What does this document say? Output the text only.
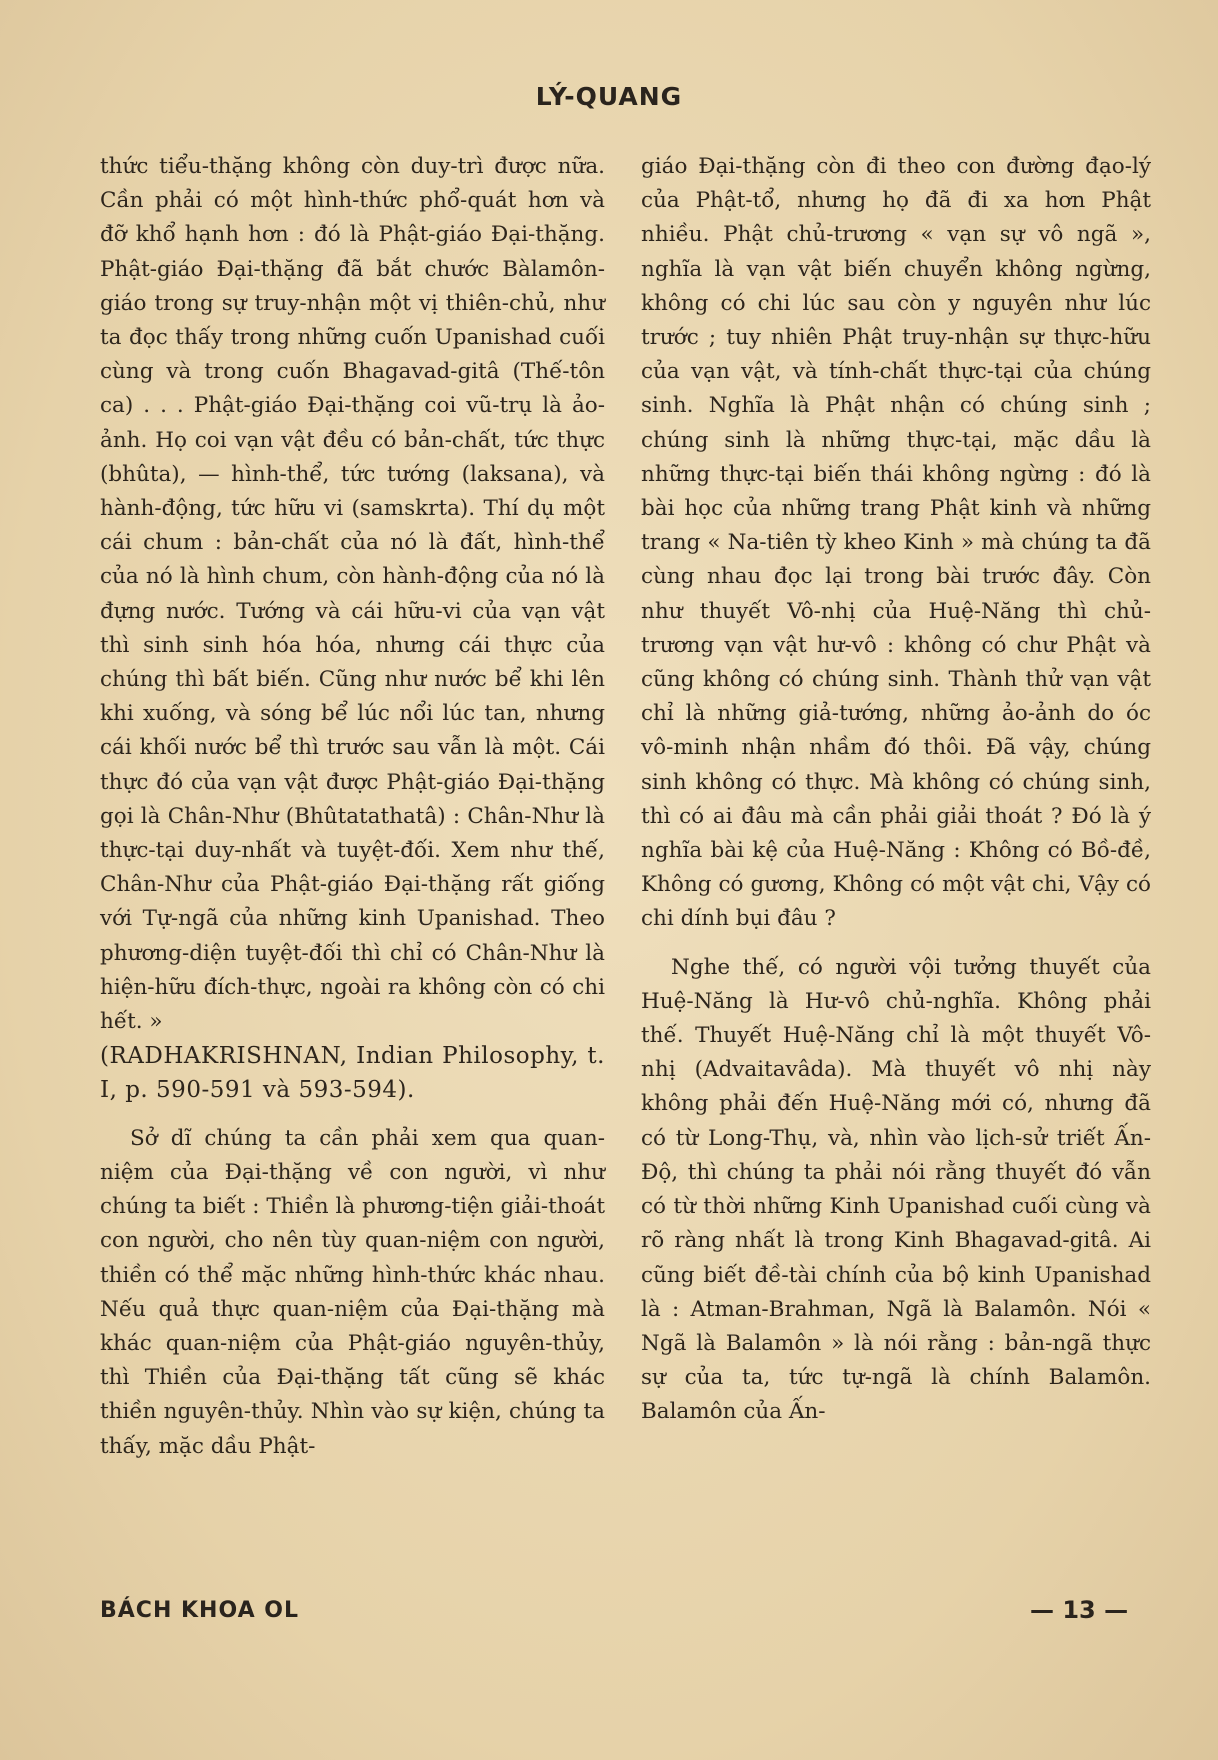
LÝ-QUANG

thức tiểu-thặng không còn duy-trì được nữa. Cần phải có một hình-thức phổ-quát hơn và đỡ khổ hạnh hơn : đó là Phật-giáo Đại-thặng. Phật-giáo Đại-thặng đã bắt chước Bàlamôn-giáo trong sự truy-nhận một vị thiên-chủ, như ta đọc thấy trong những cuốn Upanishad cuối cùng và trong cuốn Bhagavad-gitâ (Thế-tôn ca) . . . Phật-giáo Đại-thặng coi vũ-trụ là ảo-ảnh. Họ coi vạn vật đều có bản-chất, tức thực (bhûta), — hình-thể, tức tướng (laksana), và hành-động, tức hữu vi (samskrta). Thí dụ một cái chum : bản-chất của nó là đất, hình-thể của nó là hình chum, còn hành-động của nó là đựng nước. Tướng và cái hữu-vi của vạn vật thì sinh sinh hóa hóa, nhưng cái thực của chúng thì bất biến. Cũng như nước bể khi lên khi xuống, và sóng bể lúc nổi lúc tan, nhưng cái khối nước bể thì trước sau vẫn là một. Cái thực đó của vạn vật được Phật-giáo Đại-thặng gọi là Chân-Như (Bhûtatathatâ) : Chân-Như là thực-tại duy-nhất và tuyệt-đối. Xem như thế, Chân-Như của Phật-giáo Đại-thặng rất giống với Tự-ngã của những kinh Upanishad. Theo phương-diện tuyệt-đối thì chỉ có Chân-Như là hiện-hữu đích-thực, ngoài ra không còn có chi hết. »

(RADHAKRISHNAN, Indian Philosophy, t. I, p. 590-591 và 593-594).

Sở dĩ chúng ta cần phải xem qua quan-niệm của Đại-thặng về con người, vì như chúng ta biết : Thiền là phương-tiện giải-thoát con người, cho nên tùy quan-niệm con người, thiền có thể mặc những hình-thức khác nhau. Nếu quả thực quan-niệm của Đại-thặng mà khác quan-niệm của Phật-giáo nguyên-thủy, thì Thiền của Đại-thặng tất cũng sẽ khác thiền nguyên-thủy. Nhìn vào sự kiện, chúng ta thấy, mặc dầu Phật-

giáo Đại-thặng còn đi theo con đường đạo-lý của Phật-tổ, nhưng họ đã đi xa hơn Phật nhiều. Phật chủ-trương « vạn sự vô ngã », nghĩa là vạn vật biến chuyển không ngừng, không có chi lúc sau còn y nguyên như lúc trước ; tuy nhiên Phật truy-nhận sự thực-hữu của vạn vật, và tính-chất thực-tại của chúng sinh. Nghĩa là Phật nhận có chúng sinh ; chúng sinh là những thực-tại, mặc dầu là những thực-tại biến thái không ngừng : đó là bài học của những trang Phật kinh và những trang « Na-tiên tỳ kheo Kinh » mà chúng ta đã cùng nhau đọc lại trong bài trước đây. Còn như thuyết Vô-nhị của Huệ-Năng thì chủ-trương vạn vật hư-vô : không có chư Phật và cũng không có chúng sinh. Thành thử vạn vật chỉ là những giả-tướng, những ảo-ảnh do óc vô-minh nhận nhầm đó thôi. Đã vậy, chúng sinh không có thực. Mà không có chúng sinh, thì có ai đâu mà cần phải giải thoát ? Đó là ý nghĩa bài kệ của Huệ-Năng : Không có Bồ-đề, Không có gương, Không có một vật chi, Vậy có chi dính bụi đâu ?

Nghe thế, có người vội tưởng thuyết của Huệ-Năng là Hư-vô chủ-nghĩa. Không phải thế. Thuyết Huệ-Năng chỉ là một thuyết Vô-nhị (Advaitavâda). Mà thuyết vô nhị này không phải đến Huệ-Năng mới có, nhưng đã có từ Long-Thụ, và, nhìn vào lịch-sử triết Ấn-Độ, thì chúng ta phải nói rằng thuyết đó vẫn có từ thời những Kinh Upanishad cuối cùng và rõ ràng nhất là trong Kinh Bhagavad-gitâ. Ai cũng biết đề-tài chính của bộ kinh Upanishad là : Atman-Brahman, Ngã là Balamôn. Nói « Ngã là Balamôn » là nói rằng : bản-ngã thực sự của ta, tức tự-ngã là chính Balamôn. Balamôn của Ấn-

BÁCH KHOA OL	— 13 —
